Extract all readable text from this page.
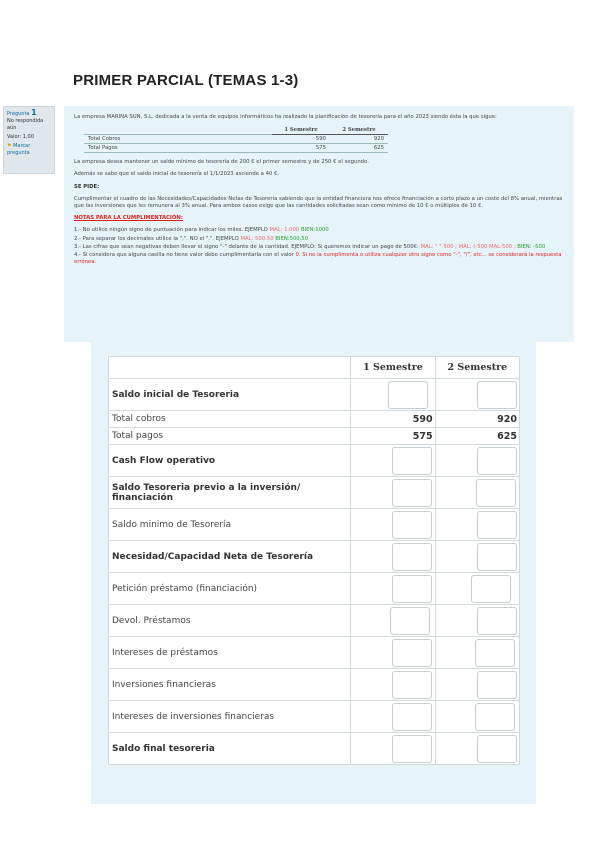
PRIMER PARCIAL (TEMAS 1-3)
Pregunta 1
No respondida aún
Valor: 1,00
⚑ Marcar pregunta

La empresa MARINA SUN, S.L. dedicada a la venta de equipos informáticos ha realizado la planificación de tesorería para el año 2023 siendo ésta la que sigue:

	1 Semestre	2 Semestre
Total Cobros	590	920
Total Pagos	575	625

La empresa desea mantener un saldo mínimo de tesorería de 200 € el primer semestre y de 250 € el segundo.

Además se sabe que el saldo inicial de tesorería el 1/1/2023 asciende a 40 €.

SE PIDE:

Cumplimentar el cuadro de las Necesidades/Capacidades Netas de Tesorería sabiendo que la entidad financiera nos ofrece financiación a corto plazo a un coste del 8% anual, mientras que las inversiones que les remunera al 3% anual. Para ambos casos exige que las cantidades solicitadas sean como mínimo de 10 € o múltiplos de 10 €.

NOTAS PARA LA CUMPLIMENTACIÓN:

1.- No utilice ningún signo de puntuación para indicar los miles. EJEMPLO MAL: 1.000 BIEN:1000

2.- Para separar los decimales utilice la ",". NO el ".". EJEMPLO MAL: 500.50 BIEN:500,50

3.- Las cifras que sean negativas deben llevar el signo "-" delante de la cantidad. EJEMPLO: Si queremos indicar un pago de 500€: MAL: " " 500 ; MAL: (-500 MAL:500 ; BIEN: -500

4.- Si considera que alguna casilla no tiene valor debe cumplimentarla con el valor 0. Si no la cumplimenta o utiliza cualquier otro signo como "-", "/", etc... se considerará la respuesta errónea.

	1 Semestre	2 Semestre
Saldo inicial de Tesoreria	

Total cobros	590	920
Total pagos	575	625
Cash Flow operativo	

Saldo Tesoreria previo a la inversión/ financiación	

Saldo minimo de Tesorería	

Necesidad/Capacidad Neta de Tesorería	

Petición préstamo (financiación)	

Devol. Préstamos	

Intereses de préstamos	

Inversiones financieras	

Intereses de inversiones financieras	

Saldo final tesoreria	
